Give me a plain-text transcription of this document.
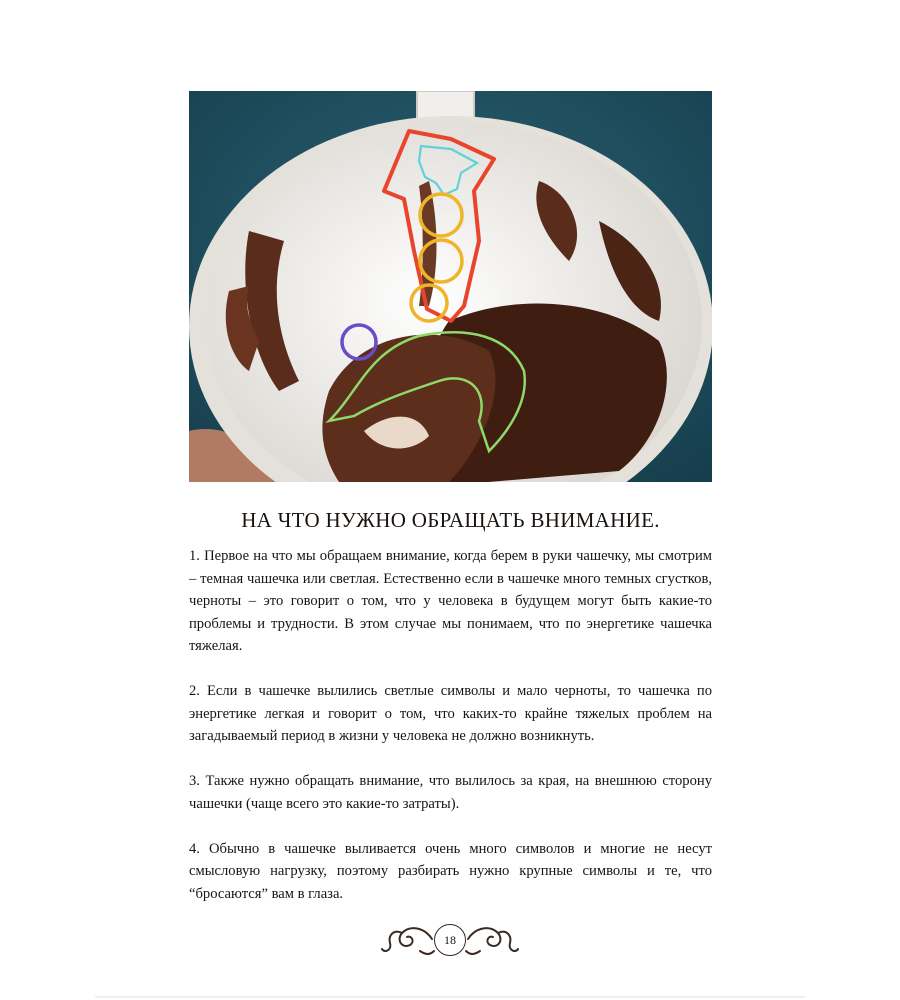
НА ЧТО НУЖНО ОБРАЩАТЬ ВНИМАНИЕ.

1. Первое на что мы обращаем внимание, когда берем в руки чашечку, мы смотрим – темная чашечка или светлая. Естественно если в чашечке много темных сгустков, черноты – это говорит о том, что у человека в будущем могут быть какие-то проблемы и трудности. В этом случае мы понимаем, что по энергетике чашечка тяжелая.

2. Если в чашечке вылились светлые символы и мало черноты, то чашечка по энергетике легкая и говорит о том, что каких-то крайне тяжелых проблем на загадываемый период в жизни у человека не должно возникнуть.

3. Также нужно обращать внимание, что вылилось за края, на внешнюю сторону чашечки (чаще всего это какие-то затраты).

4. Обычно в чашечке выливается очень много символов и многие не несут смысловую нагрузку, поэтому разбирать нужно крупные символы и те, что “бросаются” вам в глаза.

18
